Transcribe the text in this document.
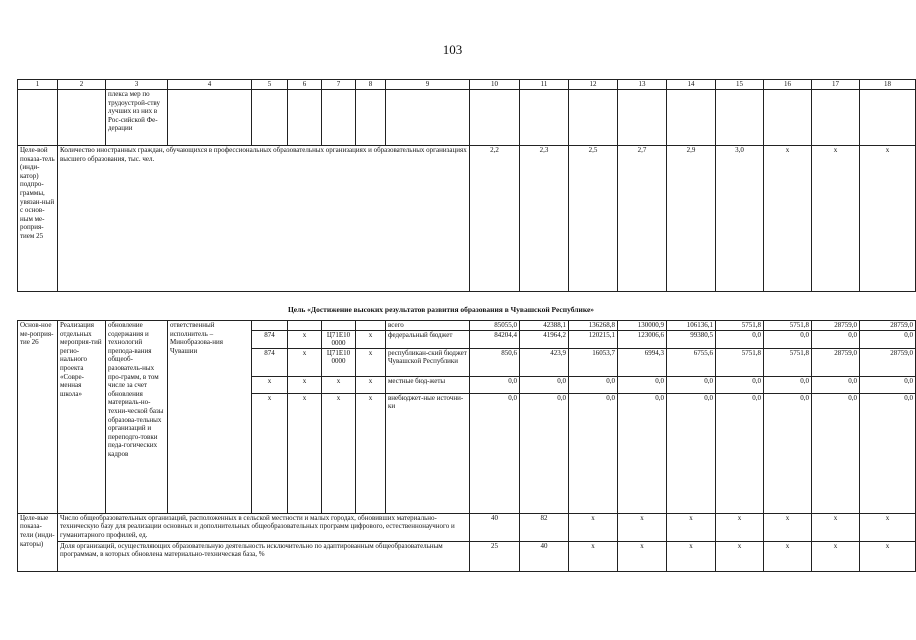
103
1	2	3	4	5	6	7	8	9	10	11	12	13	14	15	16	17	18
		плекса мер по трудоустрой-ству лучших из них в Рос-сийской Фе-дерации															
Целе-вой показа-тель (инди-катор) подпро-граммы, увязан-ный с основ-ным ме-роприя-тием 25	Количество иностранных граждан, обучающихся в профессиональных образовательных организациях и образовательных организациях высшего образования, тыс. чел.								2,2	2,3	2,5	2,7	2,9	3,0	x	x	x
Цель «Достижение высоких результатов развития образования в Чувашской Республике»
Основ-ное ме-роприя-тие 26	Реализация отдельных мероприя-тий регио-нального проекта «Совре-менная школа»	обновление содержания и технологий препода-вания общеоб-разователь-ных про-грамм, в том числе за счет обновления материаль-но-техни-ческой базы образова-тельных организаций и переподго-товки педа-гогических кадров	ответственный исполнитель – Минобразова-ния Чувашии					всего	85055,0	42388,1	136268,8	130000,9	106136,1	5751,8	5751,8	28759,0	28759,0
				874	x	Ц71Е10 0000	x	федеральный бюджет	84204,4	41964,2	120215,1	123006,6	99380,5	0,0	0,0	0,0	0,0
				874	x	Ц71Е10 0000	x	республикан-ский бюджет Чувашской Республики	850,6	423,9	16053,7	6994,3	6755,6	5751,8	5751,8	28759,0	28759,0
				x	x	x	x	местные бюд-жеты	0,0	0,0	0,0	0,0	0,0	0,0	0,0	0,0	0,0
				x	x	x	x	внебюджет-ные источни-ки	0,0	0,0	0,0	0,0	0,0	0,0	0,0	0,0	0,0
Целе-вые показа-тели (инди-каторы)	Число общеобразовательных организаций, расположенных в сельской местности и малых городах, обновивших материально-техническую базу для реализации основных и дополнительных общеобразовательных программ цифрового, естественнонаучного и гуманитарного профилей, ед.								40	82	x	x	x	x	x	x	x
	Доля организаций, осуществляющих образовательную деятельность исключительно по адаптированным общеобразовательным программам, в которых обновлена материально-техническая база, %								25	40	x	x	x	x	x	x	x
